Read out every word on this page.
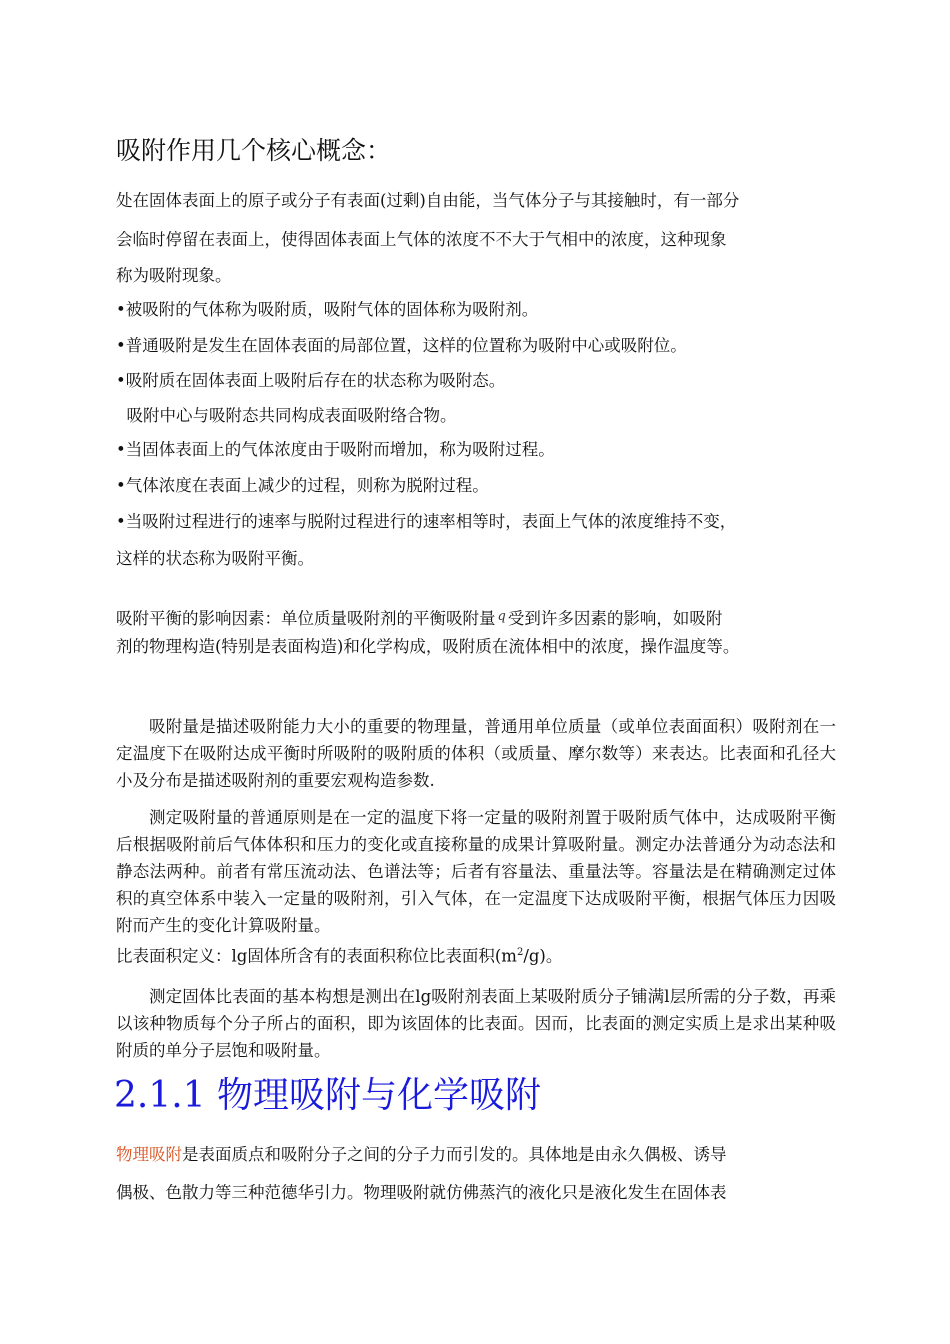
吸附作用几个核心概念：
处在固体表面上的原子或分子有表面(过剩)自由能，当气体分子与其接触时，有一部分
会临时停留在表面上，使得固体表面上气体的浓度不不大于气相中的浓度，这种现象
称为吸附现象。
•被吸附的气体称为吸附质，吸附气体的固体称为吸附剂。
•普通吸附是发生在固体表面的局部位置，这样的位置称为吸附中心或吸附位。
•吸附质在固体表面上吸附后存在的状态称为吸附态。
吸附中心与吸附态共同构成表面吸附络合物。
•当固体表面上的气体浓度由于吸附而增加，称为吸附过程。
•气体浓度在表面上减少的过程，则称为脱附过程。
•当吸附过程进行的速率与脱附过程进行的速率相等时，表面上气体的浓度维持不变，
这样的状态称为吸附平衡。
吸附平衡的影响因素：单位质量吸附剂的平衡吸附量 $^q$ 受到许多因素的影响，如吸附
剂的物理构造(特别是表面构造)和化学构成，吸附质在流体相中的浓度，操作温度等。
吸附量是描述吸附能力大小的重要的物理量，普通用单位质量（或单位表面面积）吸附剂在一定温度下在吸附达成平衡时所吸附的吸附质的体积（或质量、摩尔数等）来表达。比表面和孔径大小及分布是描述吸附剂的重要宏观构造参数.
测定吸附量的普通原则是在一定的温度下将一定量的吸附剂置于吸附质气体中，达成吸附平衡后根据吸附前后气体体积和压力的变化或直接称量的成果计算吸附量。测定办法普通分为动态法和静态法两种。前者有常压流动法、色谱法等；后者有容量法、重量法等。容量法是在精确测定过体积的真空体系中装入一定量的吸附剂，引入气体，在一定温度下达成吸附平衡，根据气体压力因吸附而产生的变化计算吸附量。
比表面积定义：lg固体所含有的表面积称位比表面积$(m^2/g)$。
测定固体比表面的基本构想是测出在lg吸附剂表面上某吸附质分子铺满l层所需的分子数，再乘以该种物质每个分子所占的面积，即为该固体的比表面。因而，比表面的测定实质上是求出某种吸附质的单分子层饱和吸附量。
2.1.1 物理吸附与化学吸附
物理吸附是表面质点和吸附分子之间的分子力而引发的。具体地是由永久偶极、诱导
偶极、色散力等三种范德华引力。物理吸附就仿佛蒸汽的液化只是液化发生在固体表
